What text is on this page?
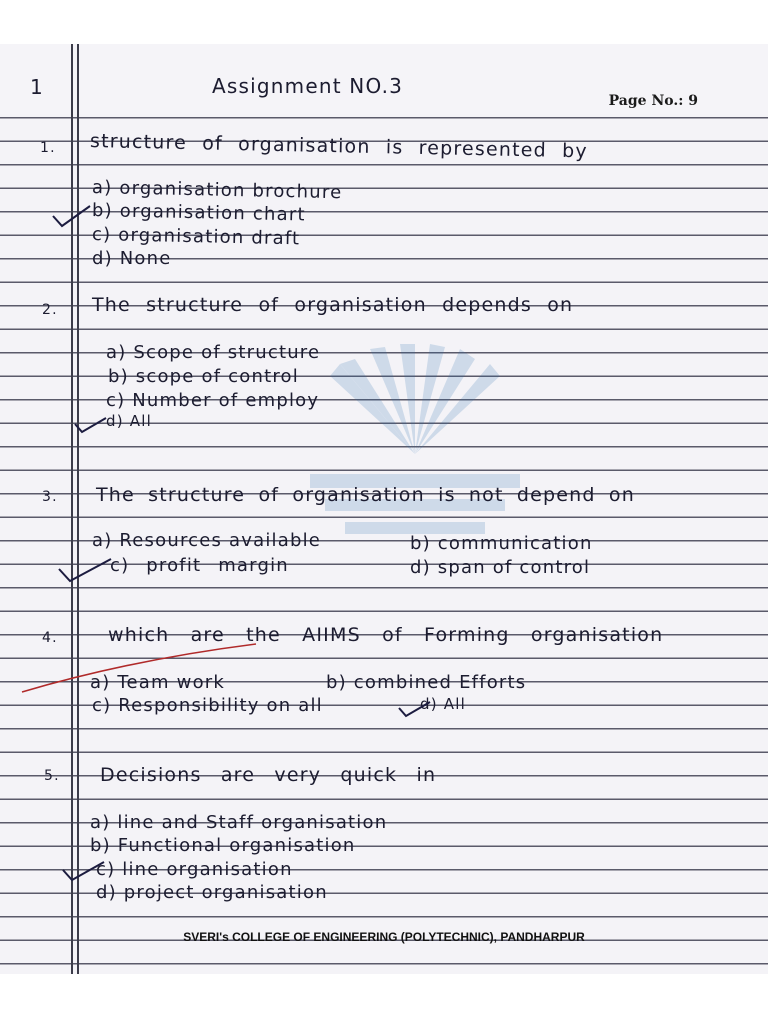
1	Assignment NO.3
Page No.: 9
1. structure of organisation is represented by
a) organisation brochure
b) organisation chart
c) organisation draft
d) None
2. The structure of organisation depends on
a) Scope of structure
b) scope of control
c) Number of employ
d) All
3. The structure of organisation is not depend on
a) Resources available	b) communication
c) profit margin	d) span of control
4.	which are the AIIMS of Forming organisation
a) Team work	b) combined Efforts
c) Responsibility on all	d) All
5. Decisions are very quick in
a) line and Staff organisation
b) Functional organisation
c) line organisation
d) project organisation
SVERI's COLLEGE OF ENGINEERING (POLYTECHNIC), PANDHARPUR
